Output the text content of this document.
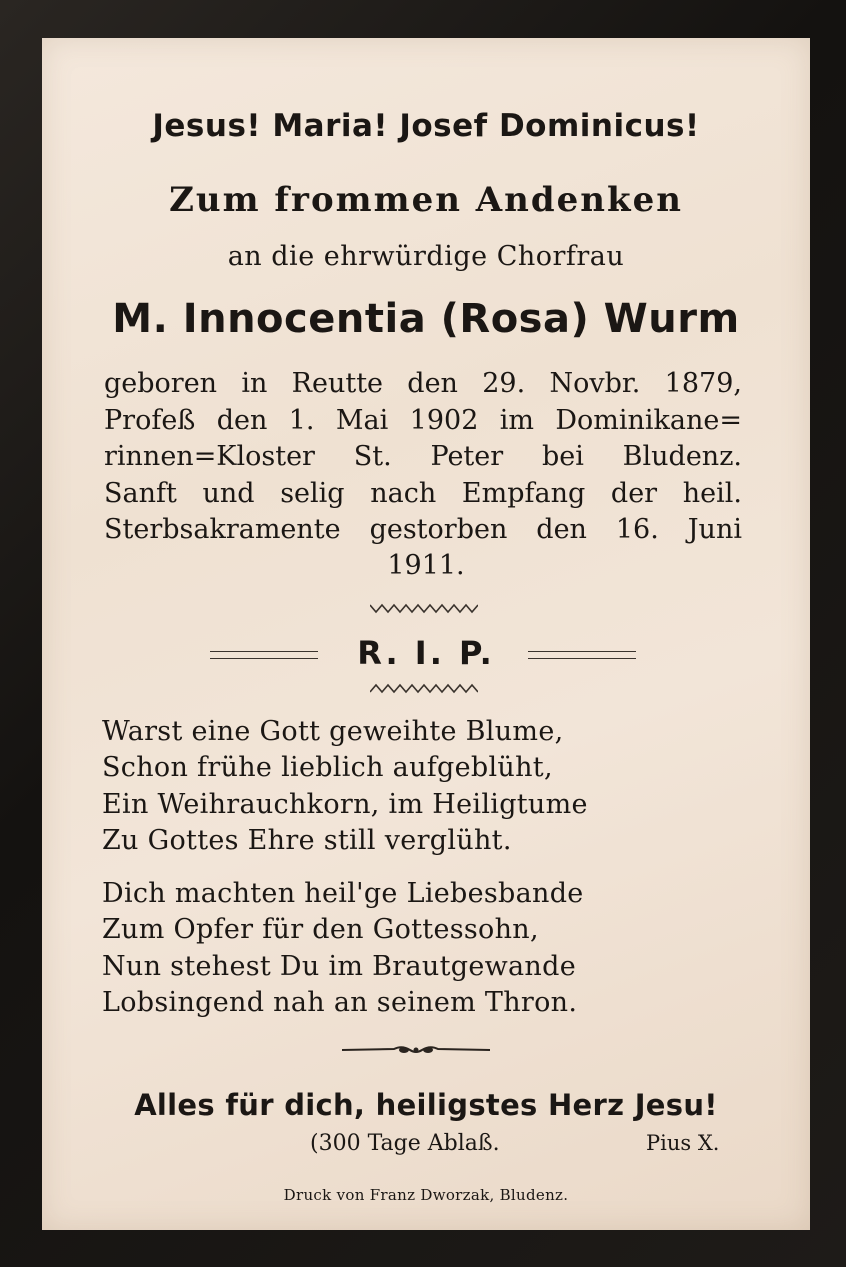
Jesus! Maria! Josef Dominicus!
Zum frommen Andenken
an die ehrwürdige Chorfrau
M. Innocentia (Rosa) Wurm
geboren in Reutte den 29. Novbr. 1879,
Profeß den 1. Mai 1902 im Dominikane=
rinnen=Kloster St. Peter bei Bludenz.
Sanft und selig nach Empfang der heil.
Sterbsakramente gestorben den 16. Juni
1911.
R. I. P.
Warst eine Gott geweihte Blume,
Schon frühe lieblich aufgeblüht,
Ein Weihrauchkorn, im Heiligtume
Zu Gottes Ehre still verglüht.
Dich machten heil'ge Liebesbande
Zum Opfer für den Gottessohn,
Nun stehest Du im Brautgewande
Lobsingend nah an seinem Thron.
Alles für dich, heiligstes Herz Jesu!
(300 Tage Ablaß.	Pius X.
Druck von Franz Dworzak, Bludenz.
